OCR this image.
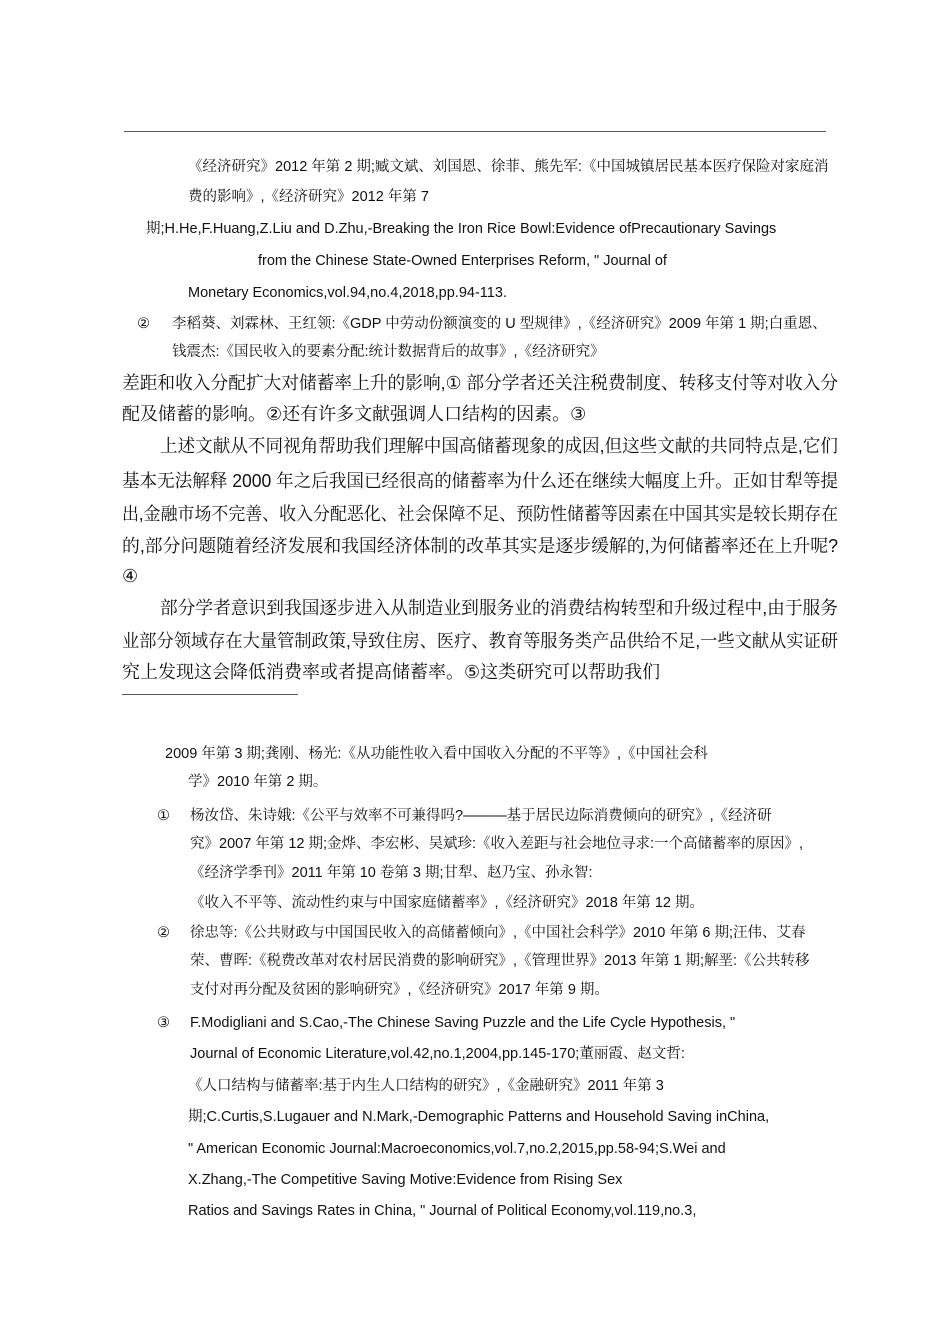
《经济研究》2012 年第 2 期;臧文斌、刘国恩、徐菲、熊先军:《中国城镇居民基本医疗保险对家庭消
费的影响》,《经济研究》2012 年第 7
期;H.He,F.Huang,Z.Liu and D.Zhu,-Breaking the Iron Rice Bowl:Evidence ofPrecautionary Savings
from the Chinese State-Owned Enterprises Reform, " Journal of
Monetary Economics,vol.94,no.4,2018,pp.94-113.
② 李稻葵、刘霖林、王红领:《GDP 中劳动份额演变的 U 型规律》,《经济研究》2009 年第 1 期;白重恩、
钱震杰:《国民收入的要素分配:统计数据背后的故事》,《经济研究》
差距和收入分配扩大对储蓄率上升的影响,① 部分学者还关注税费制度、转移支付等对收入分
配及储蓄的影响。②还有许多文献强调人口结构的因素。③
上述文献从不同视角帮助我们理解中国高储蓄现象的成因,但这些文献的共同特点是,它们
基本无法解释 2000 年之后我国已经很高的储蓄率为什么还在继续大幅度上升。正如甘犁等提
出,金融市场不完善、收入分配恶化、社会保障不足、预防性储蓄等因素在中国其实是较长期存在
的,部分问题随着经济发展和我国经济体制的改革其实是逐步缓解的,为何储蓄率还在上升呢?
④
部分学者意识到我国逐步进入从制造业到服务业的消费结构转型和升级过程中,由于服务
业部分领域存在大量管制政策,导致住房、医疗、教育等服务类产品供给不足,一些文献从实证研
究上发现这会降低消费率或者提高储蓄率。⑤这类研究可以帮助我们
2009 年第 3 期;龚刚、杨光:《从功能性收入看中国收入分配的不平等》,《中国社会科
学》2010 年第 2 期。
① 杨汝岱、朱诗娥:《公平与效率不可兼得吗?———基于居民边际消费倾向的研究》,《经济研
究》2007 年第 12 期;金烨、李宏彬、吴斌珍:《收入差距与社会地位寻求:一个高储蓄率的原因》,
《经济学季刊》2011 年第 10 卷第 3 期;甘犁、赵乃宝、孙永智:
《收入不平等、流动性约束与中国家庭储蓄率》,《经济研究》2018 年第 12 期。
② 徐忠等:《公共财政与中国国民收入的高储蓄倾向》,《中国社会科学》2010 年第 6 期;汪伟、艾春
荣、曹晖:《税费改革对农村居民消费的影响研究》,《管理世界》2013 年第 1 期;解垩:《公共转移
支付对再分配及贫困的影响研究》,《经济研究》2017 年第 9 期。
③ F.Modigliani and S.Cao,-The Chinese Saving Puzzle and the Life Cycle Hypothesis, "
Journal of Economic Literature,vol.42,no.1,2004,pp.145-170;董丽霞、赵文哲:
《人口结构与储蓄率:基于内生人口结构的研究》,《金融研究》2011 年第 3
期;C.Curtis,S.Lugauer and N.Mark,-Demographic Patterns and Household Saving inChina,
" American Economic Journal:Macroeconomics,vol.7,no.2,2015,pp.58-94;S.Wei and
X.Zhang,-The Competitive Saving Motive:Evidence from Rising Sex
Ratios and Savings Rates in China, " Journal of Political Economy,vol.119,no.3,
